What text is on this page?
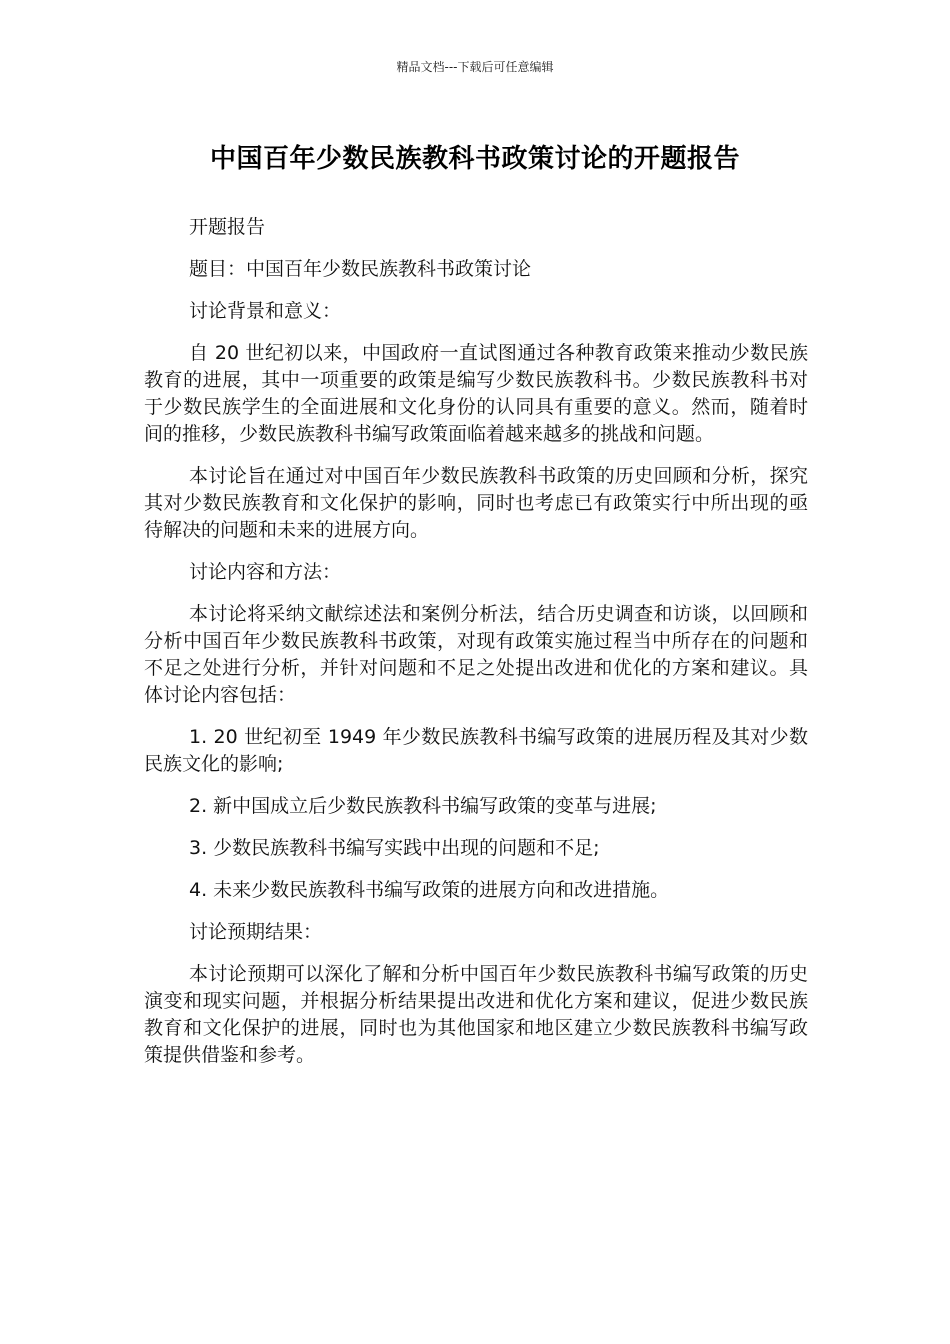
精品文档---下载后可任意编辑
中国百年少数民族教科书政策讨论的开题报告

开题报告

题目：中国百年少数民族教科书政策讨论

讨论背景和意义：

自 20 世纪初以来，中国政府一直试图通过各种教育政策来推动少数民族教育的进展，其中一项重要的政策是编写少数民族教科书。少数民族教科书对于少数民族学生的全面进展和文化身份的认同具有重要的意义。然而，随着时间的推移，少数民族教科书编写政策面临着越来越多的挑战和问题。

本讨论旨在通过对中国百年少数民族教科书政策的历史回顾和分析，探究其对少数民族教育和文化保护的影响，同时也考虑已有政策实行中所出现的亟待解决的问题和未来的进展方向。

讨论内容和方法：

本讨论将采纳文献综述法和案例分析法，结合历史调查和访谈，以回顾和分析中国百年少数民族教科书政策，对现有政策实施过程当中所存在的问题和不足之处进行分析，并针对问题和不足之处提出改进和优化的方案和建议。具体讨论内容包括：

1. 20 世纪初至 1949 年少数民族教科书编写政策的进展历程及其对少数民族文化的影响;

2. 新中国成立后少数民族教科书编写政策的变革与进展;

3. 少数民族教科书编写实践中出现的问题和不足;

4. 未来少数民族教科书编写政策的进展方向和改进措施。

讨论预期结果：

本讨论预期可以深化了解和分析中国百年少数民族教科书编写政策的历史演变和现实问题，并根据分析结果提出改进和优化方案和建议，促进少数民族教育和文化保护的进展，同时也为其他国家和地区建立少数民族教科书编写政策提供借鉴和参考。
